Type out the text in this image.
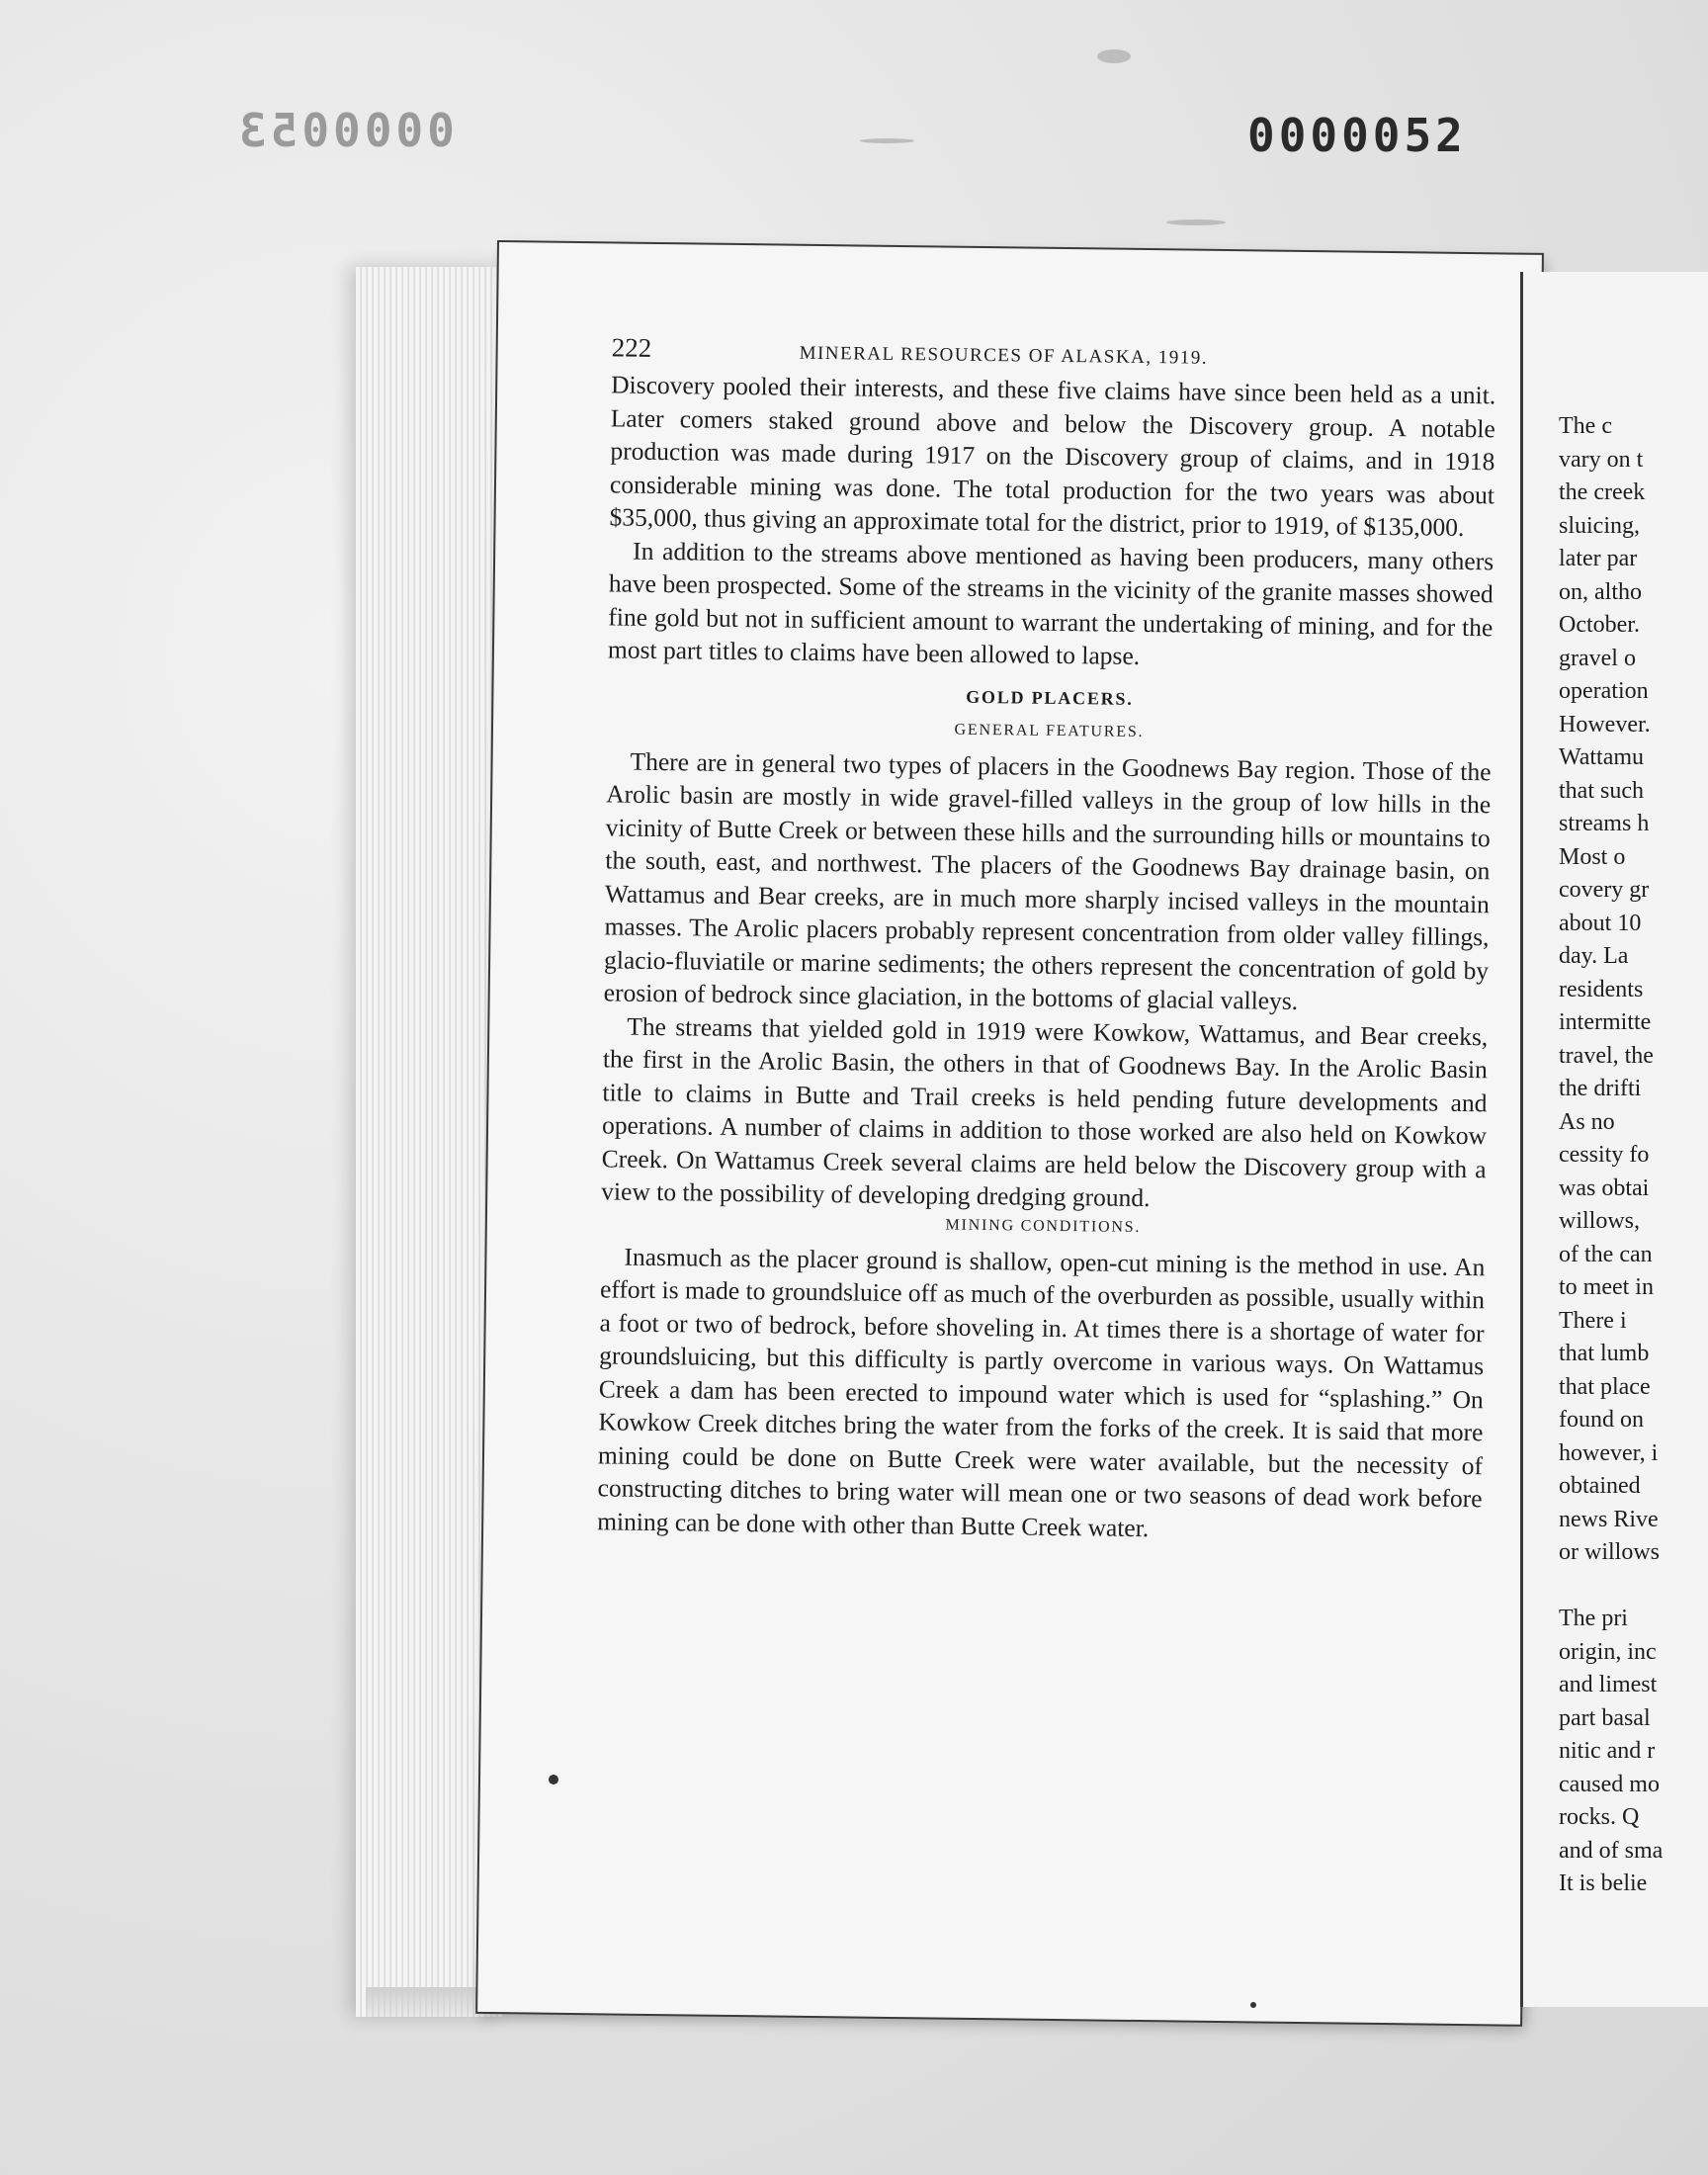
0000053	0000052
222	MINERAL RESOURCES OF ALASKA, 1919.

Discovery pooled their interests, and these five claims have since been held as a unit. Later comers staked ground above and below the Discovery group. A notable production was made during 1917 on the Discovery group of claims, and in 1918 considerable mining was done. The total production for the two years was about $35,000, thus giving an approximate total for the district, prior to 1919, of $135,000.

In addition to the streams above mentioned as having been producers, many others have been prospected. Some of the streams in the vicinity of the granite masses showed fine gold but not in sufficient amount to warrant the undertaking of mining, and for the most part titles to claims have been allowed to lapse.

GOLD PLACERS.
GENERAL FEATURES.

There are in general two types of placers in the Goodnews Bay region. Those of the Arolic basin are mostly in wide gravel-filled valleys in the group of low hills in the vicinity of Butte Creek or between these hills and the surrounding hills or mountains to the south, east, and northwest. The placers of the Goodnews Bay drainage basin, on Wattamus and Bear creeks, are in much more sharply incised valleys in the mountain masses. The Arolic placers probably represent concentration from older valley fillings, glacio-fluviatile or marine sediments; the others represent the concentration of gold by erosion of bedrock since glaciation, in the bottoms of glacial valleys.

The streams that yielded gold in 1919 were Kowkow, Wattamus, and Bear creeks, the first in the Arolic Basin, the others in that of Goodnews Bay. In the Arolic Basin title to claims in Butte and Trail creeks is held pending future developments and operations. A number of claims in addition to those worked are also held on Kowkow Creek. On Wattamus Creek several claims are held below the Discovery group with a view to the possibility of developing dredging ground.

MINING CONDITIONS.

Inasmuch as the placer ground is shallow, open-cut mining is the method in use. An effort is made to groundsluice off as much of the overburden as possible, usually within a foot or two of bedrock, before shoveling in. At times there is a shortage of water for groundsluicing, but this difficulty is partly overcome in various ways. On Wattamus Creek a dam has been erected to impound water which is used for “splashing.” On Kowkow Creek ditches bring the water from the forks of the creek. It is said that more mining could be done on Butte Creek were water available, but the necessity of constructing ditches to bring water will mean one or two seasons of dead work before mining can be done with other than Butte Creek water.

The c
vary on t
the creek
sluicing,
later par
on, altho
October.
gravel o
operation
However.
Wattamu
that such
streams h
Most o
covery gr
about 10
day. La
residents
intermitte
travel, the
the drifti
As no
cessity fo
was obtai
willows,
of the can
to meet in
There i
that lumb
that place
found on
however, i
obtained
news Rive
or willows
The pri
origin, inc
and limest
part basal
nitic and r
caused mo
rocks. Q
and of sma
It is belie
